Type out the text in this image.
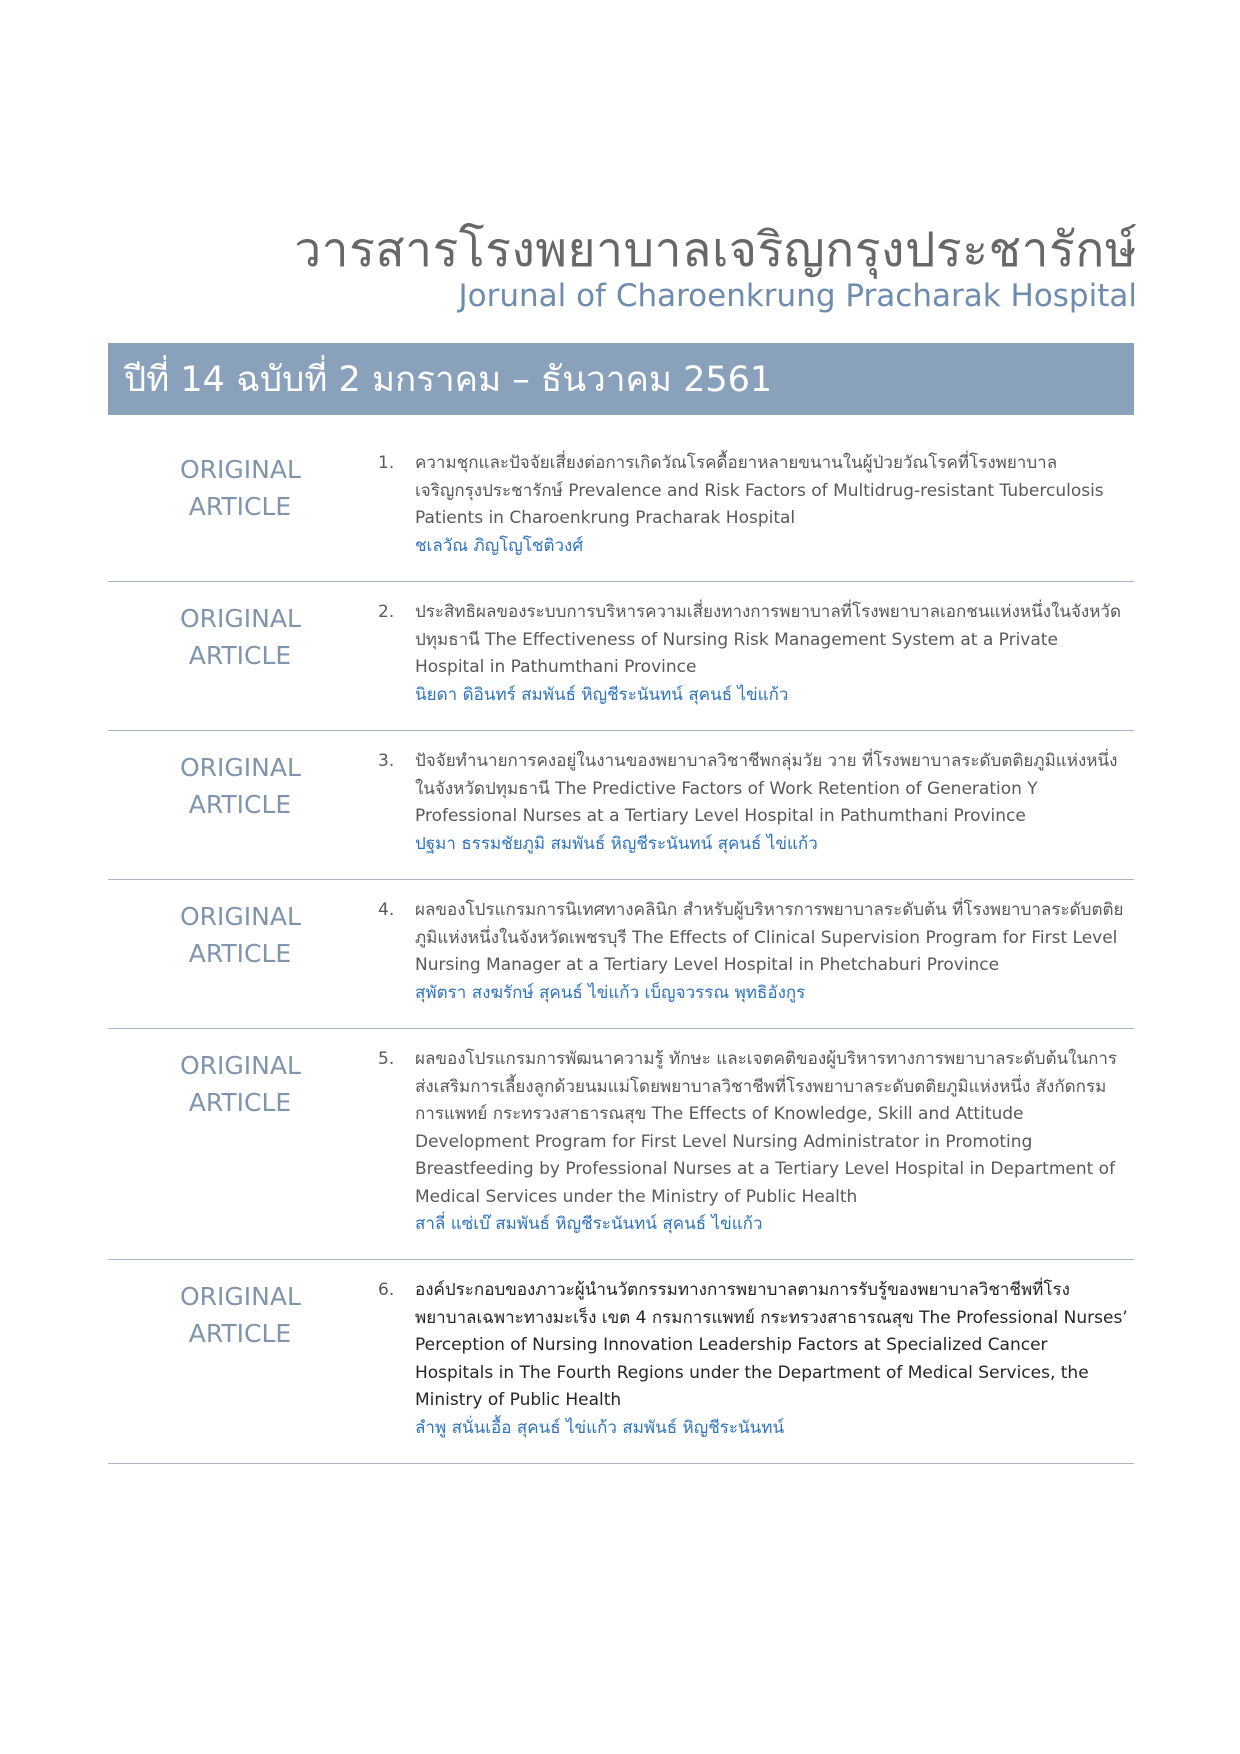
วารสารโรงพยาบาลเจริญกรุงประชารักษ์
Jorunal of Charoenkrung Pracharak Hospital
ปีที่ 14 ฉบับที่ 2 มกราคม – ธันวาคม 2561
ORIGINAL
ARTICLE
1. ความชุกและปัจจัยเสี่ยงต่อการเกิดวัณโรคดื้อยาหลายขนานในผู้ป่วยวัณโรคที่โรงพยาบาลเจริญกรุงประชารักษ์ Prevalence and Risk Factors of Multidrug-resistant Tuberculosis Patients in Charoenkrung Pracharak Hospital
ชเลวัณ ภิญโญโชติวงศ์
ORIGINAL
ARTICLE
2. ประสิทธิผลของระบบการบริหารความเสี่ยงทางการพยาบาลที่โรงพยาบาลเอกชนแห่งหนึ่งในจังหวัดปทุมธานี The Effectiveness of Nursing Risk Management System at a Private Hospital in Pathumthani Province
นิยดา ดิอินทร์ สมพันธ์ หิญชีระนันทน์ สุคนธ์ ไข่แก้ว
ORIGINAL
ARTICLE
3. ปัจจัยทำนายการคงอยู่ในงานของพยาบาลวิชาชีพกลุ่มวัย วาย ที่โรงพยาบาลระดับตติยภูมิแห่งหนึ่ง ในจังหวัดปทุมธานี The Predictive Factors of Work Retention of Generation Y Professional Nurses at a Tertiary Level Hospital in Pathumthani Province
ปฐมา ธรรมชัยภูมิ สมพันธ์ หิญชีระนันทน์ สุคนธ์ ไข่แก้ว
ORIGINAL
ARTICLE
4. ผลของโปรแกรมการนิเทศทางคลินิก สำหรับผู้บริหารการพยาบาลระดับต้น ที่โรงพยาบาลระดับตติยภูมิแห่งหนึ่งในจังหวัดเพชรบุรี The Effects of Clinical Supervision Program for First Level Nursing Manager at a Tertiary Level Hospital in Phetchaburi Province
สุพัตรา สงฆรักษ์ สุคนธ์ ไข่แก้ว เบ็ญจวรรณ พุทธิอังกูร
ORIGINAL
ARTICLE
5. ผลของโปรแกรมการพัฒนาความรู้ ทักษะ และเจตคติของผู้บริหารทางการพยาบาลระดับต้นในการส่งเสริมการเลี้ยงลูกด้วยนมแม่โดยพยาบาลวิชาชีพที่โรงพยาบาลระดับตติยภูมิแห่งหนึ่ง สังกัดกรมการแพทย์ กระทรวงสาธารณสุข The Effects of Knowledge, Skill and Attitude Development Program for First Level Nursing Administrator in Promoting Breastfeeding by Professional Nurses at a Tertiary Level Hospital in Department of Medical Services under the Ministry of Public Health
สาลี่ แซ่เบ๊ สมพันธ์ หิญชีระนันทน์ สุคนธ์ ไข่แก้ว
ORIGINAL
ARTICLE
6. องค์ประกอบของภาวะผู้นำนวัตกรรมทางการพยาบาลตามการรับรู้ของพยาบาลวิชาชีพที่โรงพยาบาลเฉพาะทางมะเร็ง เขต 4 กรมการแพทย์ กระทรวงสาธารณสุข The Professional Nurses’ Perception of Nursing Innovation Leadership Factors at Specialized Cancer Hospitals in The Fourth Regions under the Department of Medical Services, the Ministry of Public Health
ลำพู สนั่นเอื้อ สุคนธ์ ไข่แก้ว สมพันธ์ หิญชีระนันทน์
